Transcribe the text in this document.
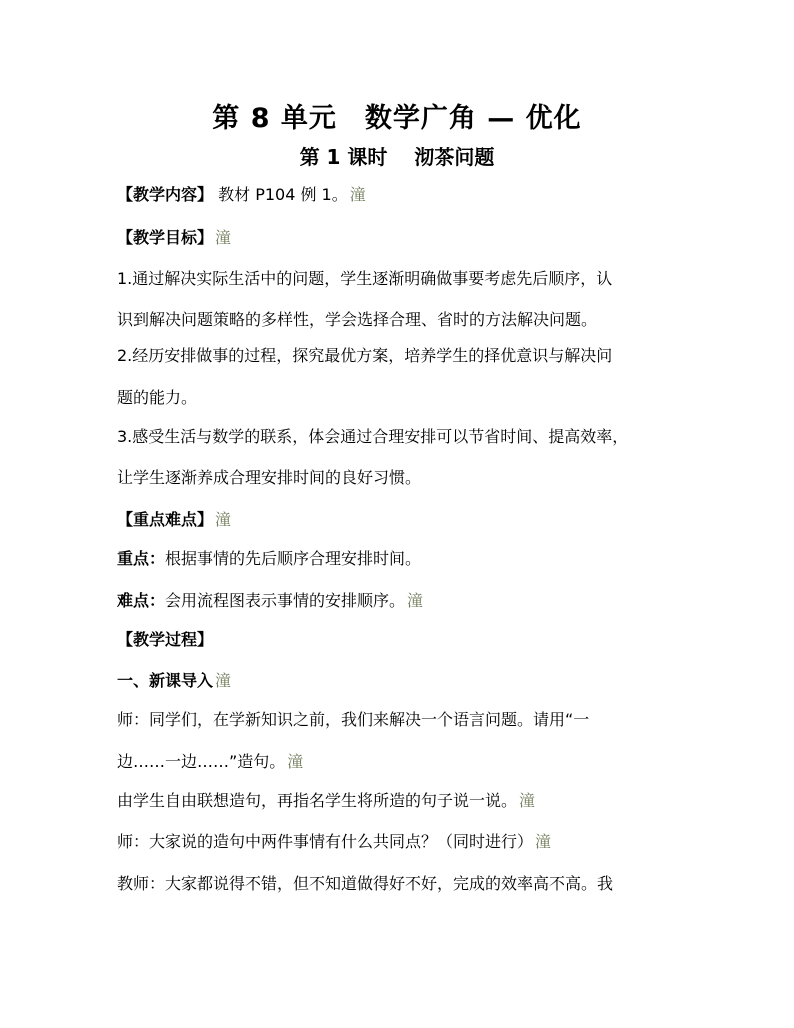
第 8 单元　数学广角 — 优化
第 1 课时　 沏茶问题
【教学内容】 教材 P104 例 1。 潼
【教学目标】 潼
1.通过解决实际生活中的问题，学生逐渐明确做事要考虑先后顺序，认
识到解决问题策略的多样性，学会选择合理、省时的方法解决问题。
2.经历安排做事的过程，探究最优方案，培养学生的择优意识与解决问
题的能力。
3.感受生活与数学的联系，体会通过合理安排可以节省时间、提高效率，
让学生逐渐养成合理安排时间的良好习惯。
【重点难点】 潼
重点：根据事情的先后顺序合理安排时间。
难点：会用流程图表示事情的安排顺序。 潼
【教学过程】
一、新课导入 潼
师：同学们，在学新知识之前，我们来解决一个语言问题。请用“一
边……一边……”造句。 潼
由学生自由联想造句，再指名学生将所造的句子说一说。 潼
师：大家说的造句中两件事情有什么共同点？（同时进行） 潼
教师：大家都说得不错，但不知道做得好不好，完成的效率高不高。我
